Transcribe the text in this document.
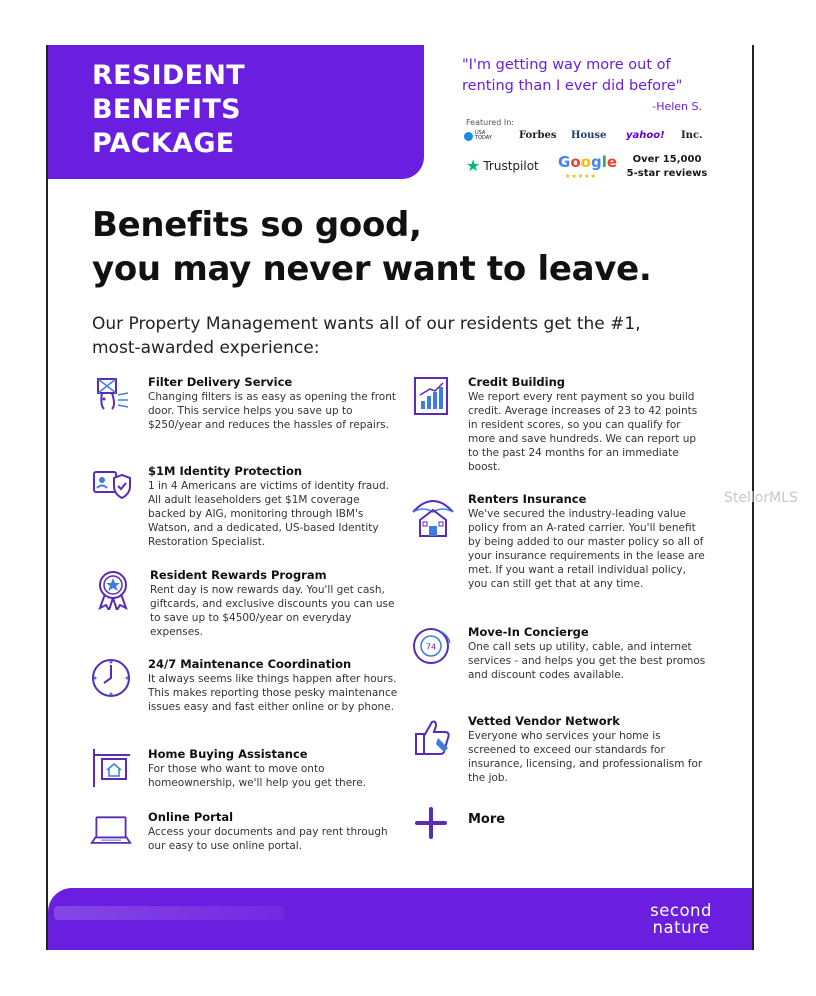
RESIDENT
BENEFITS
PACKAGE
"I'm getting way more out of renting than I ever did before"
-Helen S.
Featured In:
USA TODAY	Forbes House yahoo! Inc.
★ Trustpilot Google
★★★★★
Over 15,000
5-star reviews
Benefits so good,
you may never want to leave.
Our Property Management wants all of our residents get the #1, most-awarded experience:
Filter Delivery Service
Changing filters is as easy as opening the front door. This service helps you save up to $250/year and reduces the hassles of repairs.
$1M Identity Protection
1 in 4 Americans are victims of identity fraud. All adult leaseholders get $1M coverage backed by AIG, monitoring through IBM's Watson, and a dedicated, US-based Identity Restoration Specialist.
Resident Rewards Program
Rent day is now rewards day. You'll get cash, giftcards, and exclusive discounts you can use to save up to $4500/year on everyday expenses.
24/7 Maintenance Coordination
It always seems like things happen after hours. This makes reporting those pesky maintenance issues easy and fast either online or by phone.
Home Buying Assistance
For those who want to move onto homeownership, we'll help you get there.
Online Portal
Access your documents and pay rent through our easy to use online portal.
Credit Building
We report every rent payment so you build credit. Average increases of 23 to 42 points in resident scores, so you can qualify for more and save hundreds. We can report up to the past 24 months for an immediate boost.
Renters Insurance
We've secured the industry-leading value policy from an A-rated carrier. You'll benefit by being added to our master policy so all of your insurance requirements in the lease are met. If you want a retail individual policy, you can still get that at any time.
74
Move-In Concierge
One call sets up utility, cable, and internet services - and helps you get the best promos and discount codes available.
Vetted Vendor Network
Everyone who services your home is screened to exceed our standards for insurance, licensing, and professionalism for the job.
More
second
nature
StellorMLS
